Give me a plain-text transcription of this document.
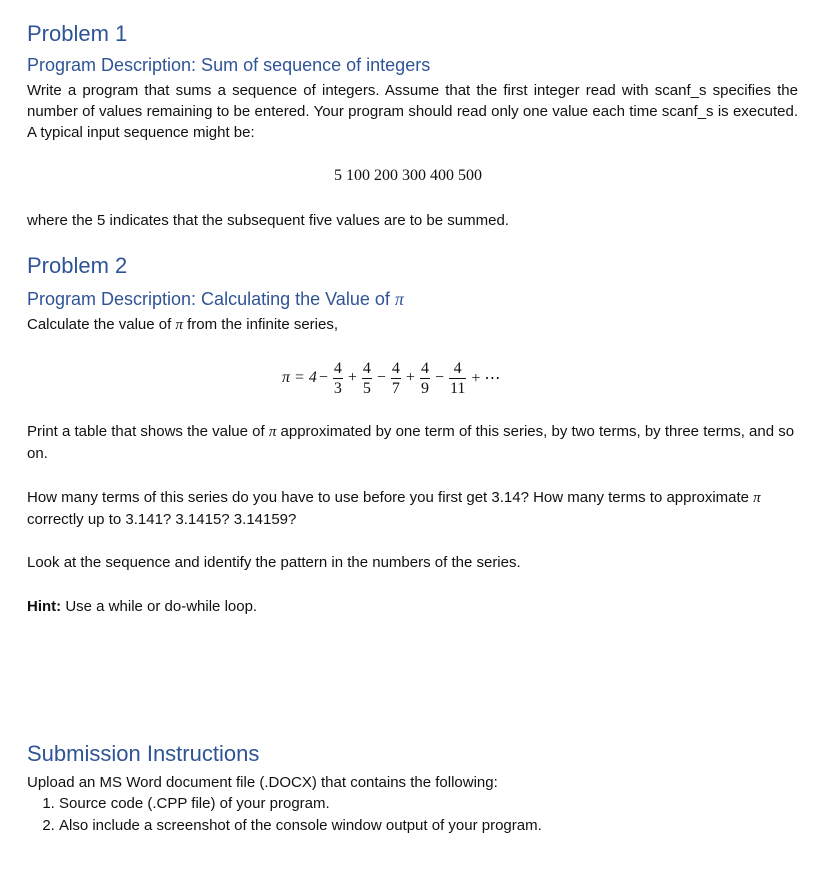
Problem 1
Program Description: Sum of sequence of integers
Write a program that sums a sequence of integers. Assume that the first integer read with scanf_s specifies the number of values remaining to be entered. Your program should read only one value each time scanf_s is executed. A typical input sequence might be:
5 100 200 300 400 500
where the 5 indicates that the subsequent five values are to be summed.
Problem 2
Program Description: Calculating the Value of π
Calculate the value of π from the infinite series,
$\pi = 4 - \frac{4}{3} + \frac{4}{5} - \frac{4}{7} + \frac{4}{9} - \frac{4}{11}$ + ⋯
Print a table that shows the value of π approximated by one term of this series, by two terms, by three terms, and so on.
How many terms of this series do you have to use before you first get 3.14? How many terms to approximate π correctly up to 3.141? 3.1415? 3.14159?
Look at the sequence and identify the pattern in the numbers of the series.
Hint: Use a while or do-while loop.
Submission Instructions
Upload an MS Word document file (.DOCX) that contains the following:
1. Source code (.CPP file) of your program.
2. Also include a screenshot of the console window output of your program.
